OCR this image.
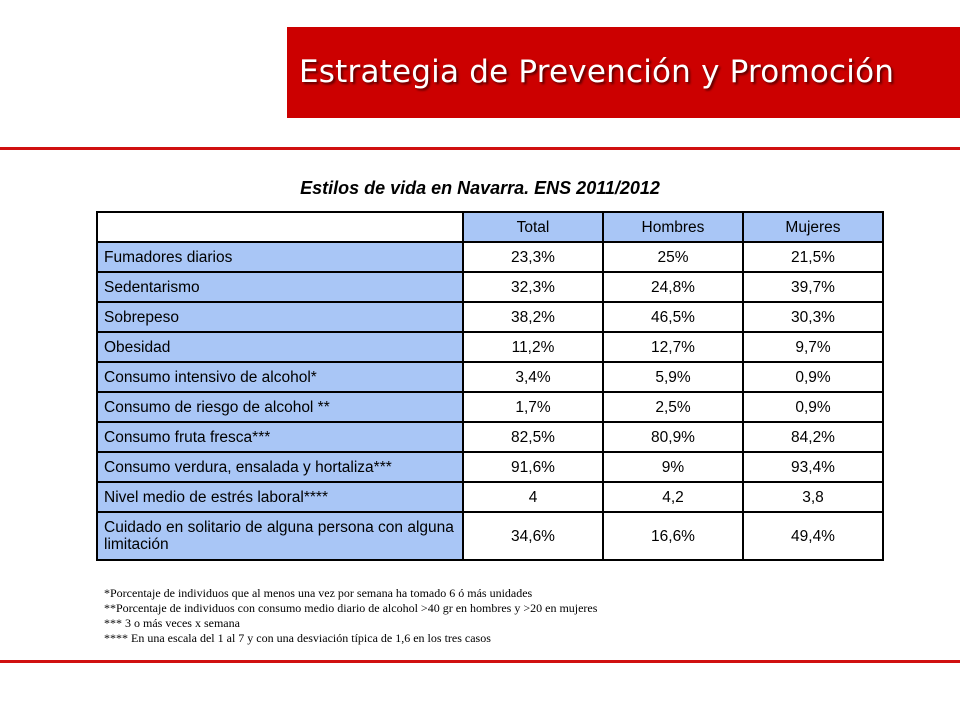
Estrategia de Prevención y Promoción
Estilos de vida en Navarra. ENS 2011/2012
	Total	Hombres	Mujeres
Fumadores diarios	23,3%	25%	21,5%
Sedentarismo	32,3%	24,8%	39,7%
Sobrepeso	38,2%	46,5%	30,3%
Obesidad	11,2%	12,7%	9,7%
Consumo intensivo de alcohol*	3,4%	5,9%	0,9%
Consumo de riesgo de alcohol **	1,7%	2,5%	0,9%
Consumo fruta fresca***	82,5%	80,9%	84,2%
Consumo verdura, ensalada y hortaliza***	91,6%	9%	93,4%
Nivel medio de estrés laboral****	4	4,2	3,8
Cuidado en solitario de alguna persona con alguna limitación	34,6%	16,6%	49,4%
*Porcentaje de individuos que al menos una vez por semana ha tomado 6 ó más unidades
**Porcentaje de individuos con consumo medio diario de alcohol >40 gr en hombres y >20 en mujeres
*** 3 o más veces x semana
**** En una escala del 1 al 7 y con una desviación típica de 1,6 en los tres casos
